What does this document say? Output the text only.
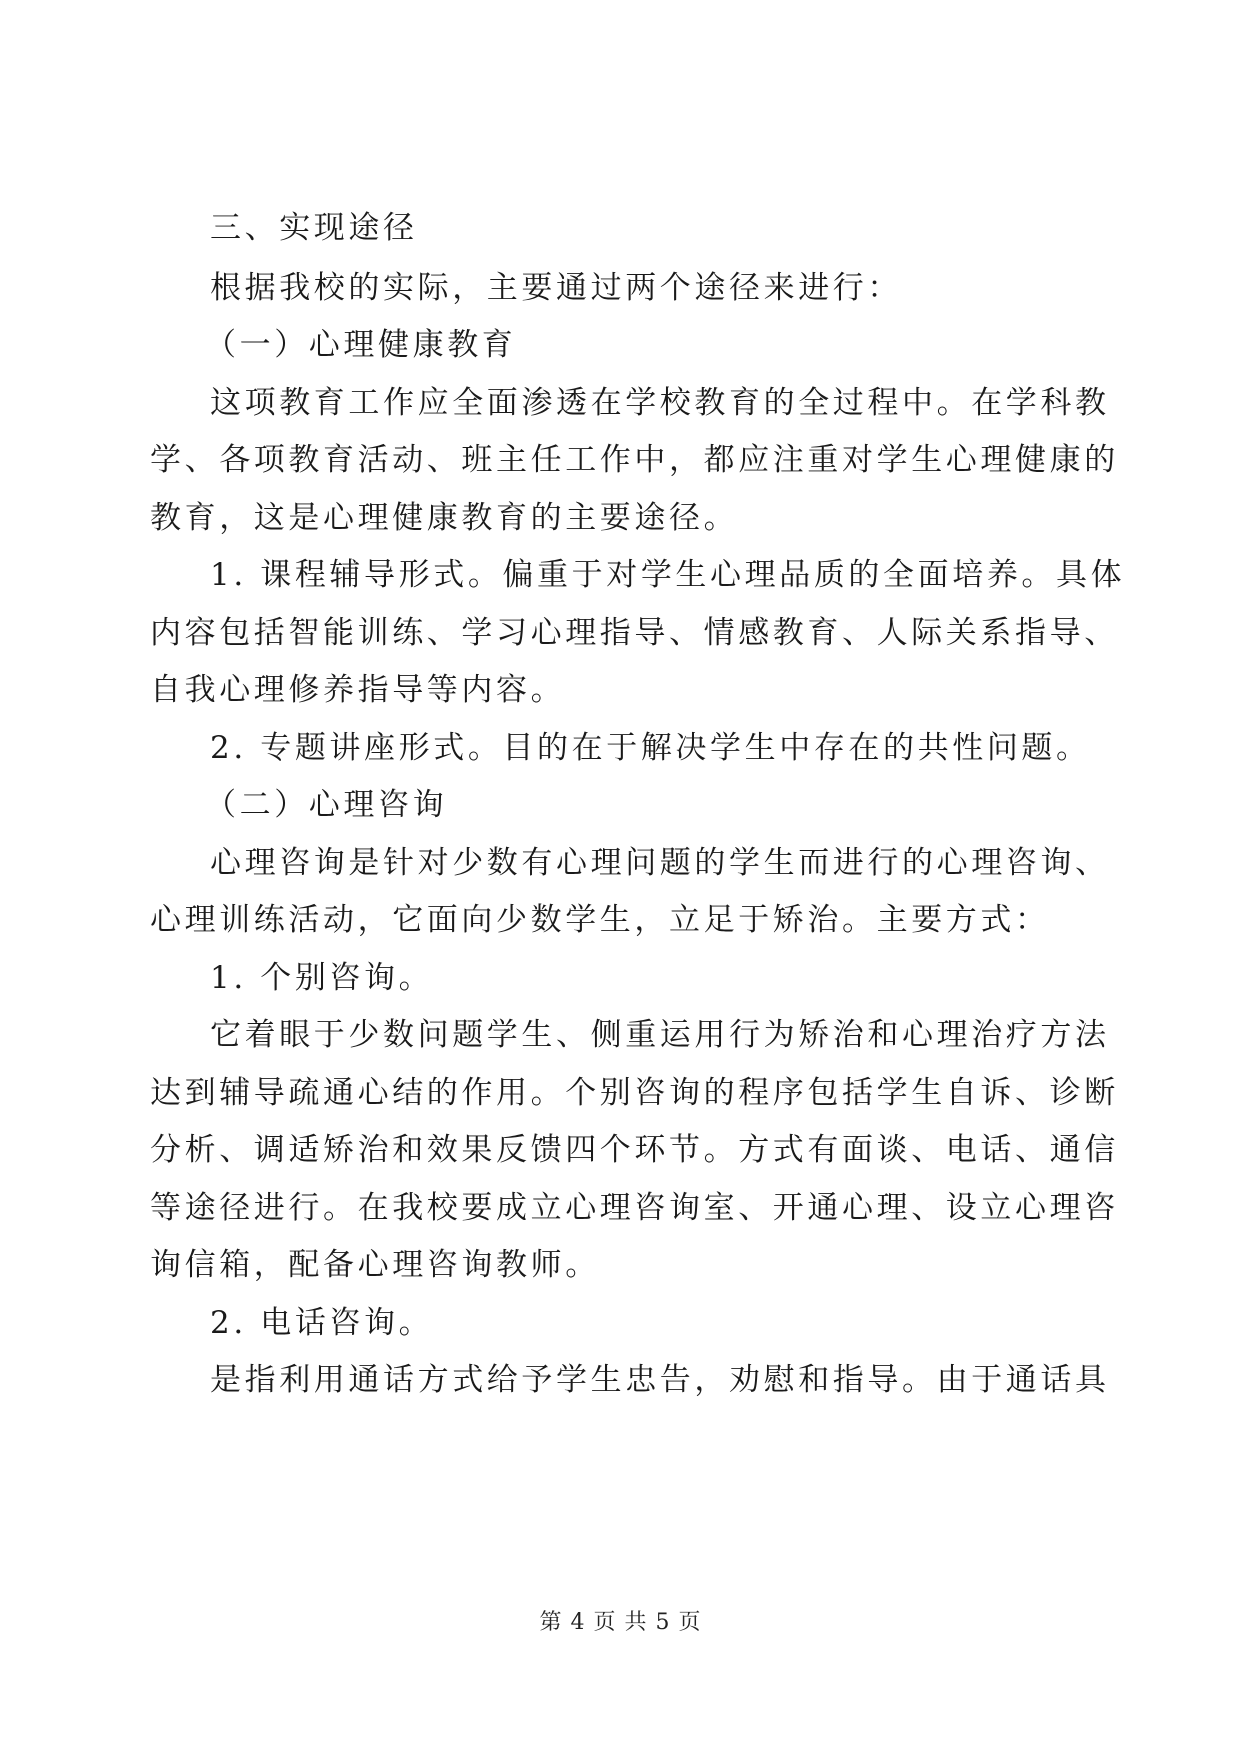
三、实现途径

根据我校的实际，主要通过两个途径来进行：

（一）心理健康教育

这项教育工作应全面渗透在学校教育的全过程中。在学科教

学、各项教育活动、班主任工作中，都应注重对学生心理健康的

教育，这是心理健康教育的主要途径。

1. 课程辅导形式。偏重于对学生心理品质的全面培养。具体

内容包括智能训练、学习心理指导、情感教育、人际关系指导、

自我心理修养指导等内容。

2. 专题讲座形式。目的在于解决学生中存在的共性问题。

（二）心理咨询

心理咨询是针对少数有心理问题的学生而进行的心理咨询、

心理训练活动，它面向少数学生，立足于矫治。主要方式：

1. 个别咨询。

它着眼于少数问题学生、侧重运用行为矫治和心理治疗方法

达到辅导疏通心结的作用。个别咨询的程序包括学生自诉、诊断

分析、调适矫治和效果反馈四个环节。方式有面谈、电话、通信

等途径进行。在我校要成立心理咨询室、开通心理、设立心理咨

询信箱，配备心理咨询教师。

2. 电话咨询。

是指利用通话方式给予学生忠告，劝慰和指导。由于通话具

第 4 页 共 5 页
